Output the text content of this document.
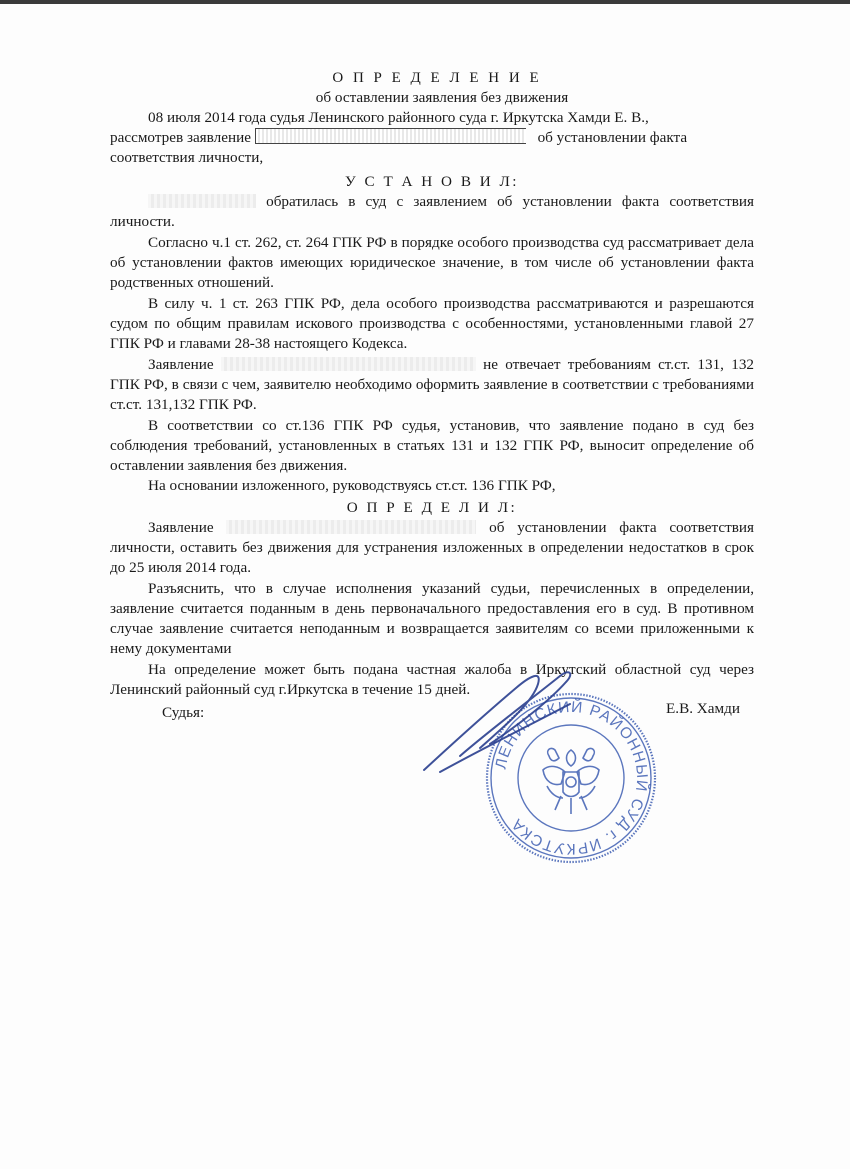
О П Р Е Д Е Л Е Н И Е
об оставлении заявления без движения

08 июля 2014 года судья Ленинского районного суда г. Иркутска Хамди Е. В.,

рассмотрев заявление	об установлении факта

соответствия личности,

У С Т А Н О В И Л:

обратилась в суд с заявлением об установлении факта соответствия личности.

Согласно ч.1 ст. 262, ст. 264 ГПК РФ в порядке особого производства суд рассматривает дела об установлении фактов имеющих юридическое значение, в том числе об установлении факта родственных отношений.

В силу ч. 1 ст. 263 ГПК РФ, дела особого производства рассматриваются и разрешаются судом по общим правилам искового производства с особенностями, установленными главой 27 ГПК РФ и главами 28-38 настоящего Кодекса.

Заявление	не отвечает требованиям ст.ст. 131, 132 ГПК РФ, в связи с чем, заявителю необходимо оформить заявление в соответствии с требованиями ст.ст. 131,132 ГПК РФ.

В соответствии со ст.136 ГПК РФ судья, установив, что заявление подано в суд без соблюдения требований, установленных в статьях 131 и 132 ГПК РФ, выносит определение об оставлении заявления без движения.

На основании изложенного, руководствуясь ст.ст. 136 ГПК РФ,

О П Р Е Д Е Л И Л:

Заявление	об установлении факта соответствия личности, оставить без движения для устранения изложенных в определении недостатков в срок до 25 июля 2014 года.

Разъяснить, что в случае исполнения указаний судьи, перечисленных в определении, заявление считается поданным в день первоначального предоставления его в суд. В противном случае заявление считается неподанным и возвращается заявителям со всеми приложенными к нему документами

На определение может быть подана частная жалоба в Иркутский областной суд через Ленинский районный суд г.Иркутска в течение 15 дней.

Судья:	Е.В. Хамди
ЛЕНИНСКИЙ РАЙОННЫЙ СУД г. ИРКУТСКА
